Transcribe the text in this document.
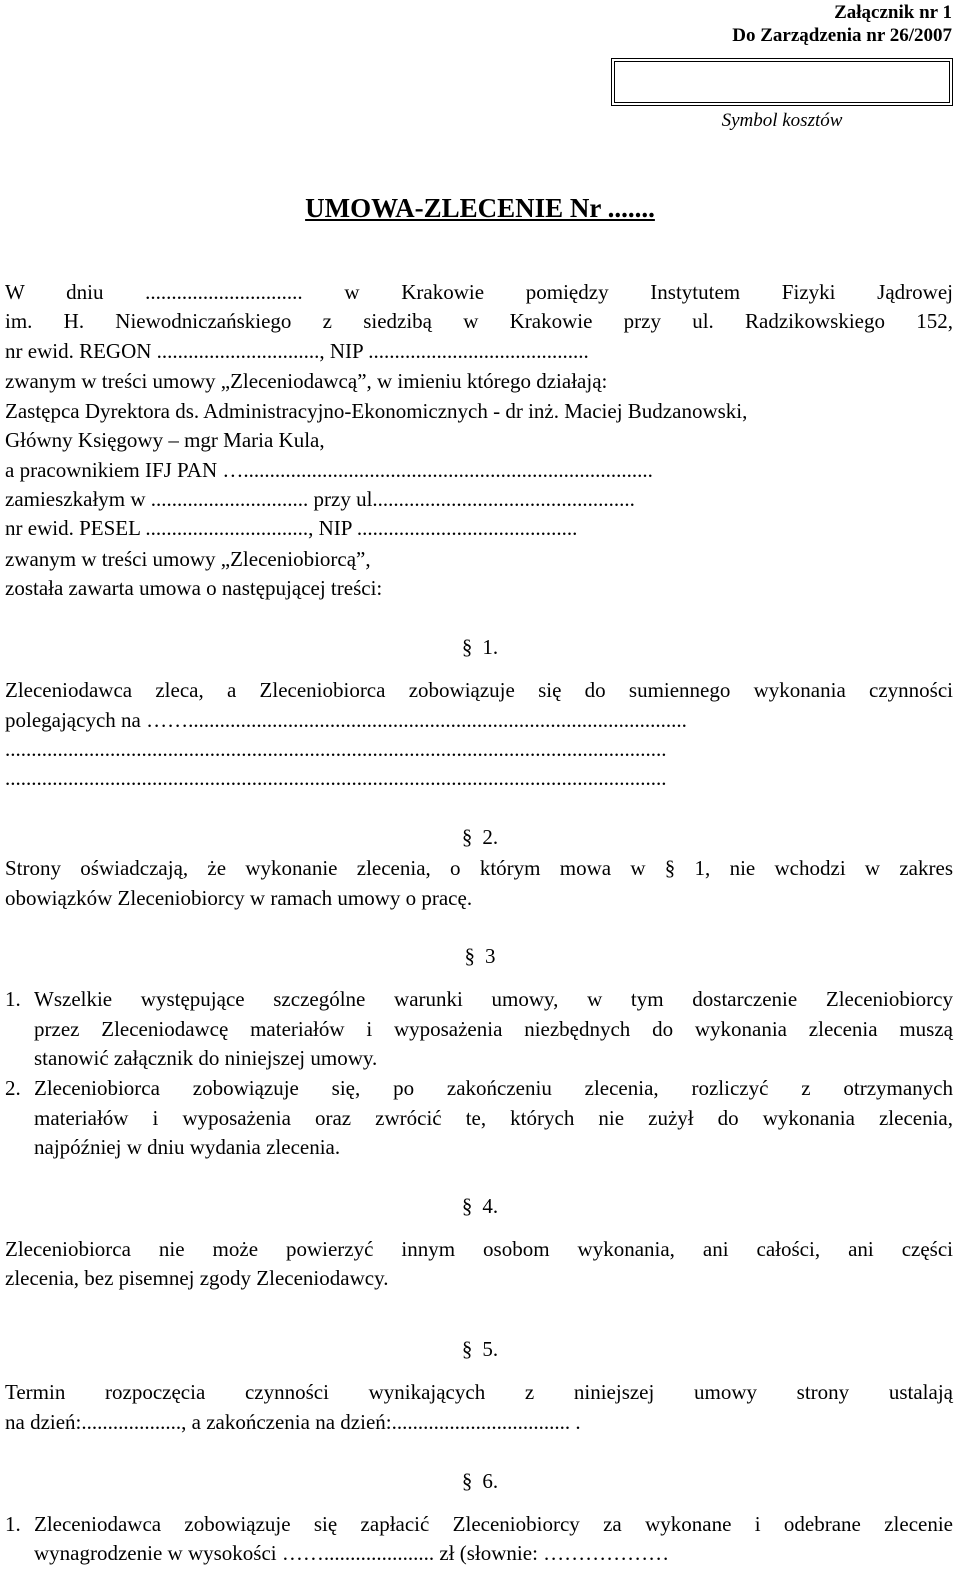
Załącznik nr 1
Do Zarządzenia nr 26/2007
Symbol kosztów
UMOWA-ZLECENIE Nr .......
W dniu .............................. w Krakowie pomiędzy Instytutem Fizyki Jądrowej
im. H. Niewodniczańskiego z siedzibą w Krakowie przy ul. Radzikowskiego 152,
nr ewid. REGON ..............................., NIP ..........................................
zwanym w treści umowy „Zleceniodawcą”, w imieniu którego działają:
Zastępca Dyrektora ds. Administracyjno-Ekonomicznych - dr inż. Maciej Budzanowski,
Główny Księgowy – mgr Maria Kula,
a pracownikiem IFJ PAN …..............................................................................
zamieszkałym w .............................. przy ul..................................................
nr ewid. PESEL ..............................., NIP ..........................................
zwanym w treści umowy „Zleceniobiorcą”,
została zawarta umowa o następującej treści:
§ 1.
Zleceniodawca zleca, a Zleceniobiorca zobowiązuje się do sumiennego wykonania czynności
polegających na ……...............................................................................................
..............................................................................................................................
..............................................................................................................................
§ 2.
Strony oświadczają, że wykonanie zlecenia, o którym mowa w § 1, nie wchodzi w zakres
obowiązków Zleceniobiorcy w ramach umowy o pracę.
§ 3
1. Wszelkie występujące szczególne warunki umowy, w tym dostarczenie Zleceniobiorcy
przez Zleceniodawcę materiałów i wyposażenia niezbędnych do wykonania zlecenia muszą
stanowić załącznik do niniejszej umowy.
2. Zleceniobiorca zobowiązuje się, po zakończeniu zlecenia, rozliczyć z otrzymanych
materiałów i wyposażenia oraz zwrócić te, których nie zużył do wykonania zlecenia,
najpóźniej w dniu wydania zlecenia.
§ 4.
Zleceniobiorca nie może powierzyć innym osobom wykonania, ani całości, ani części
zlecenia, bez pisemnej zgody Zleceniodawcy.
§ 5.
Termin rozpoczęcia czynności wynikających z niniejszej umowy strony ustalają
na dzień:..................., a zakończenia na dzień:.................................. .
§ 6.
1. Zleceniodawca zobowiązuje się zapłacić Zleceniobiorcy za wykonane i odebrane zlecenie
wynagrodzenie w wysokości ……..................... zł (słownie: ………………
